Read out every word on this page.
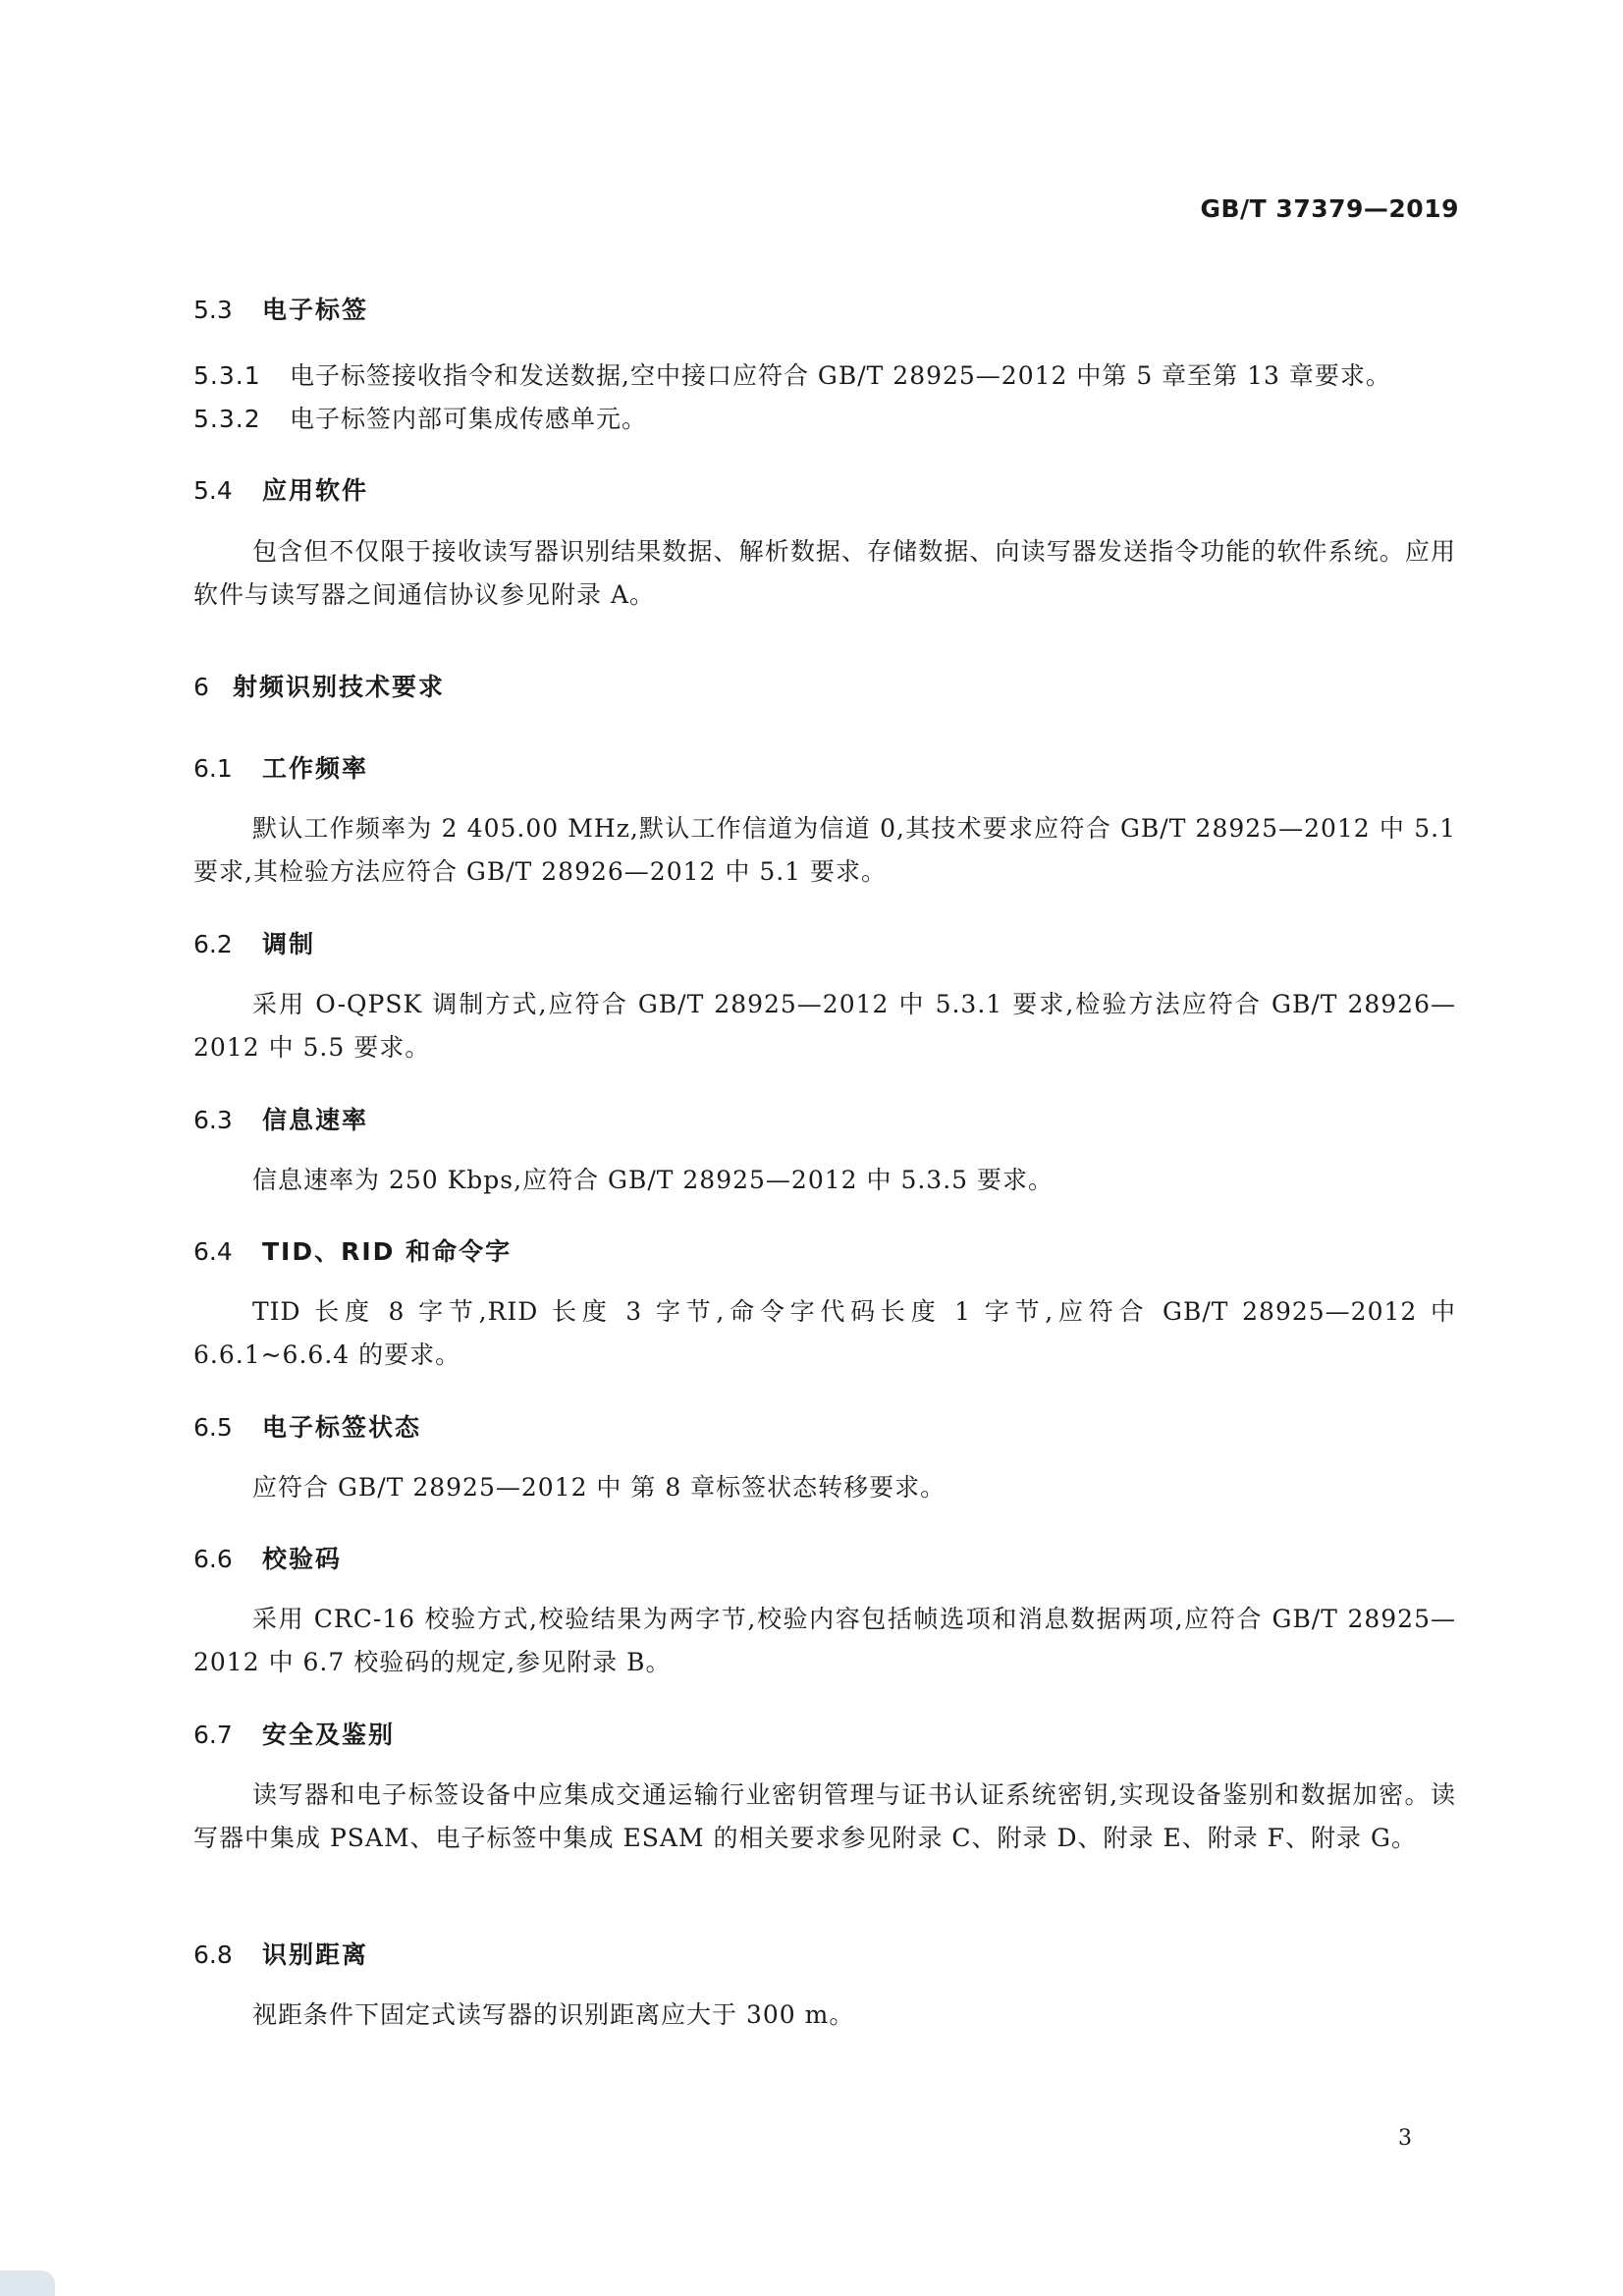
GB/T 37379—2019
5.3 电子标签
5.3.1 电子标签接收指令和发送数据,空中接口应符合 GB/T 28925—2012 中第 5 章至第 13 章要求。
5.3.2 电子标签内部可集成传感单元。
5.4 应用软件
包含但不仅限于接收读写器识别结果数据、解析数据、存储数据、向读写器发送指令功能的软件系统。应用软件与读写器之间通信协议参见附录 A。
6 射频识别技术要求
6.1 工作频率
默认工作频率为 2 405.00 MHz,默认工作信道为信道 0,其技术要求应符合 GB/T 28925—2012 中 5.1 要求,其检验方法应符合 GB/T 28926—2012 中 5.1 要求。
6.2 调制
采用 O-QPSK 调制方式,应符合 GB/T 28925—2012 中 5.3.1 要求,检验方法应符合 GB/T 28926—2012 中 5.5 要求。
6.3 信息速率
信息速率为 250 Kbps,应符合 GB/T 28925—2012 中 5.3.5 要求。
6.4 TID、RID 和命令字
TID 长度 8 字节,RID 长度 3 字节,命令字代码长度 1 字节,应符合 GB/T 28925—2012 中 6.6.1~6.6.4 的要求。
6.5 电子标签状态
应符合 GB/T 28925—2012 中 第 8 章标签状态转移要求。
6.6 校验码
采用 CRC-16 校验方式,校验结果为两字节,校验内容包括帧选项和消息数据两项,应符合 GB/T 28925—2012 中 6.7 校验码的规定,参见附录 B。
6.7 安全及鉴别
读写器和电子标签设备中应集成交通运输行业密钥管理与证书认证系统密钥,实现设备鉴别和数据加密。读写器中集成 PSAM、电子标签中集成 ESAM 的相关要求参见附录 C、附录 D、附录 E、附录 F、附录 G。
6.8 识别距离
视距条件下固定式读写器的识别距离应大于 300 m。
3
